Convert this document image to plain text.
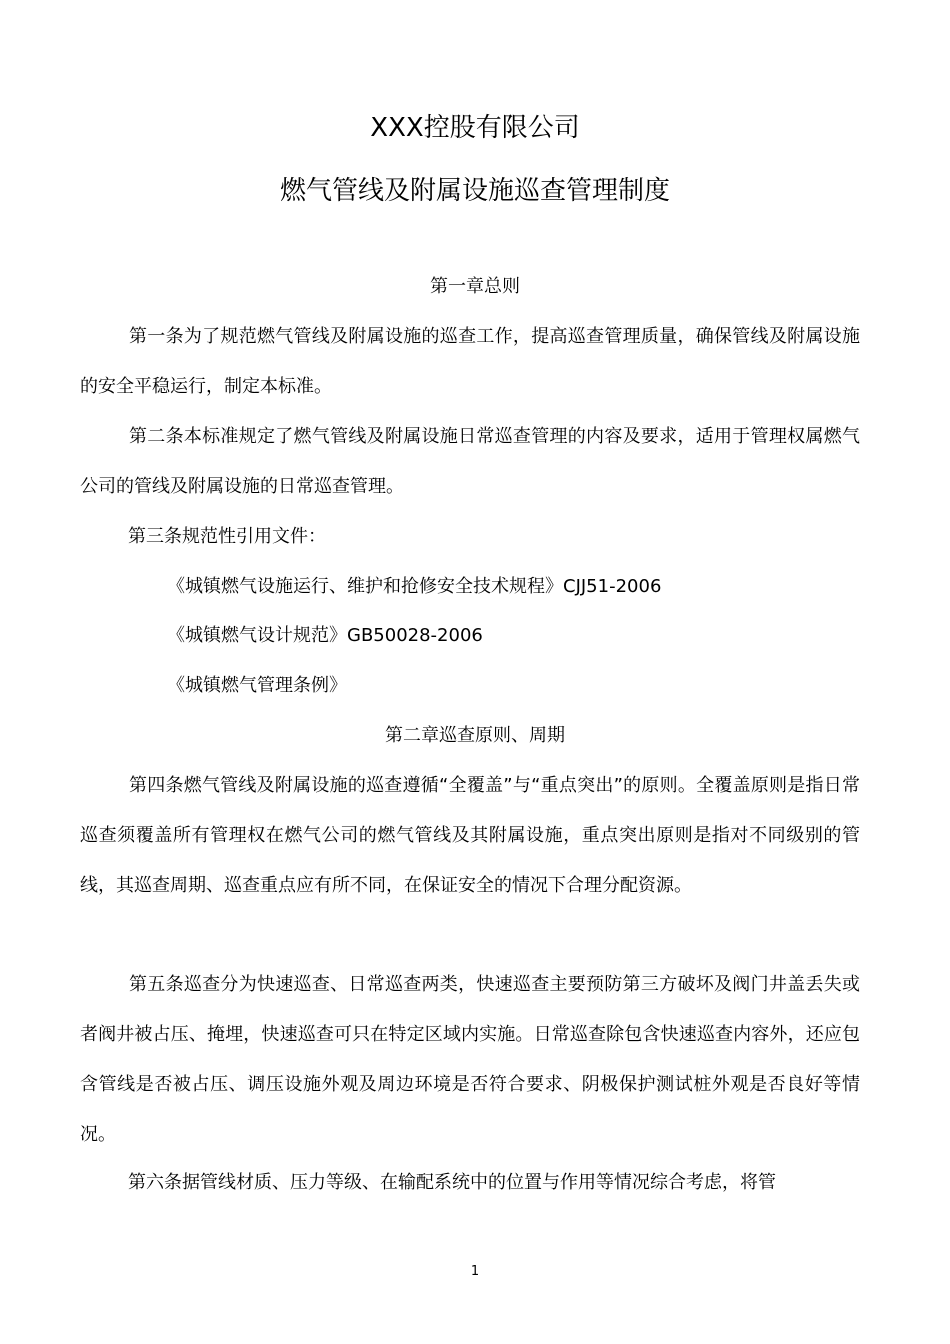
XXX控股有限公司
燃气管线及附属设施巡查管理制度
第一章总则

第一条为了规范燃气管线及附属设施的巡查工作，提高巡查管理质量，确保管线及附属设施的安全平稳运行，制定本标准。

第二条本标准规定了燃气管线及附属设施日常巡查管理的内容及要求，适用于管理权属燃气公司的管线及附属设施的日常巡查管理。

第三条规范性引用文件：
《城镇燃气设施运行、维护和抢修安全技术规程》CJJ51-2006
《城镇燃气设计规范》GB50028-2006
《城镇燃气管理条例》
第二章巡查原则、周期

第四条燃气管线及附属设施的巡查遵循“全覆盖”与“重点突出”的原则。全覆盖原则是指日常巡查须覆盖所有管理权在燃气公司的燃气管线及其附属设施，重点突出原则是指对不同级别的管线，其巡查周期、巡查重点应有所不同，在保证安全的情况下合理分配资源。

第五条巡查分为快速巡查、日常巡查两类，快速巡查主要预防第三方破坏及阀门井盖丢失或者阀井被占压、掩埋，快速巡查可只在特定区域内实施。日常巡查除包含快速巡查内容外，还应包含管线是否被占压、调压设施外观及周边环境是否符合要求、阴极保护测试桩外观是否良好等情况。

第六条据管线材质、压力等级、在输配系统中的位置与作用等情况综合考虑，将管
1
